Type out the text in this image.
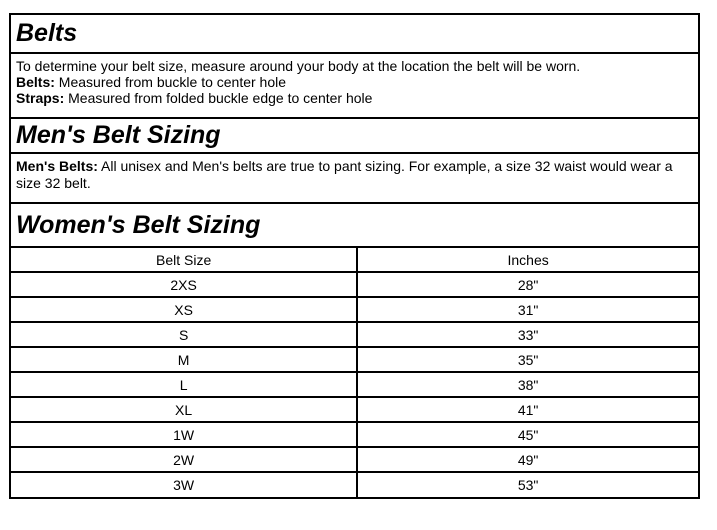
Belts
To determine your belt size, measure around your body at the location the belt will be worn.
Belts: Measured from buckle to center hole
Straps: Measured from folded buckle edge to center hole
Men's Belt Sizing
Men's Belts: All unisex and Men's belts are true to pant sizing. For example, a size 32 waist would wear a size 32 belt.
Women's Belt Sizing
Belt Size	Inches
2XS	28"
XS	31"
S	33"
M	35"
L	38"
XL	41"
1W	45"
2W	49"
3W	53"
